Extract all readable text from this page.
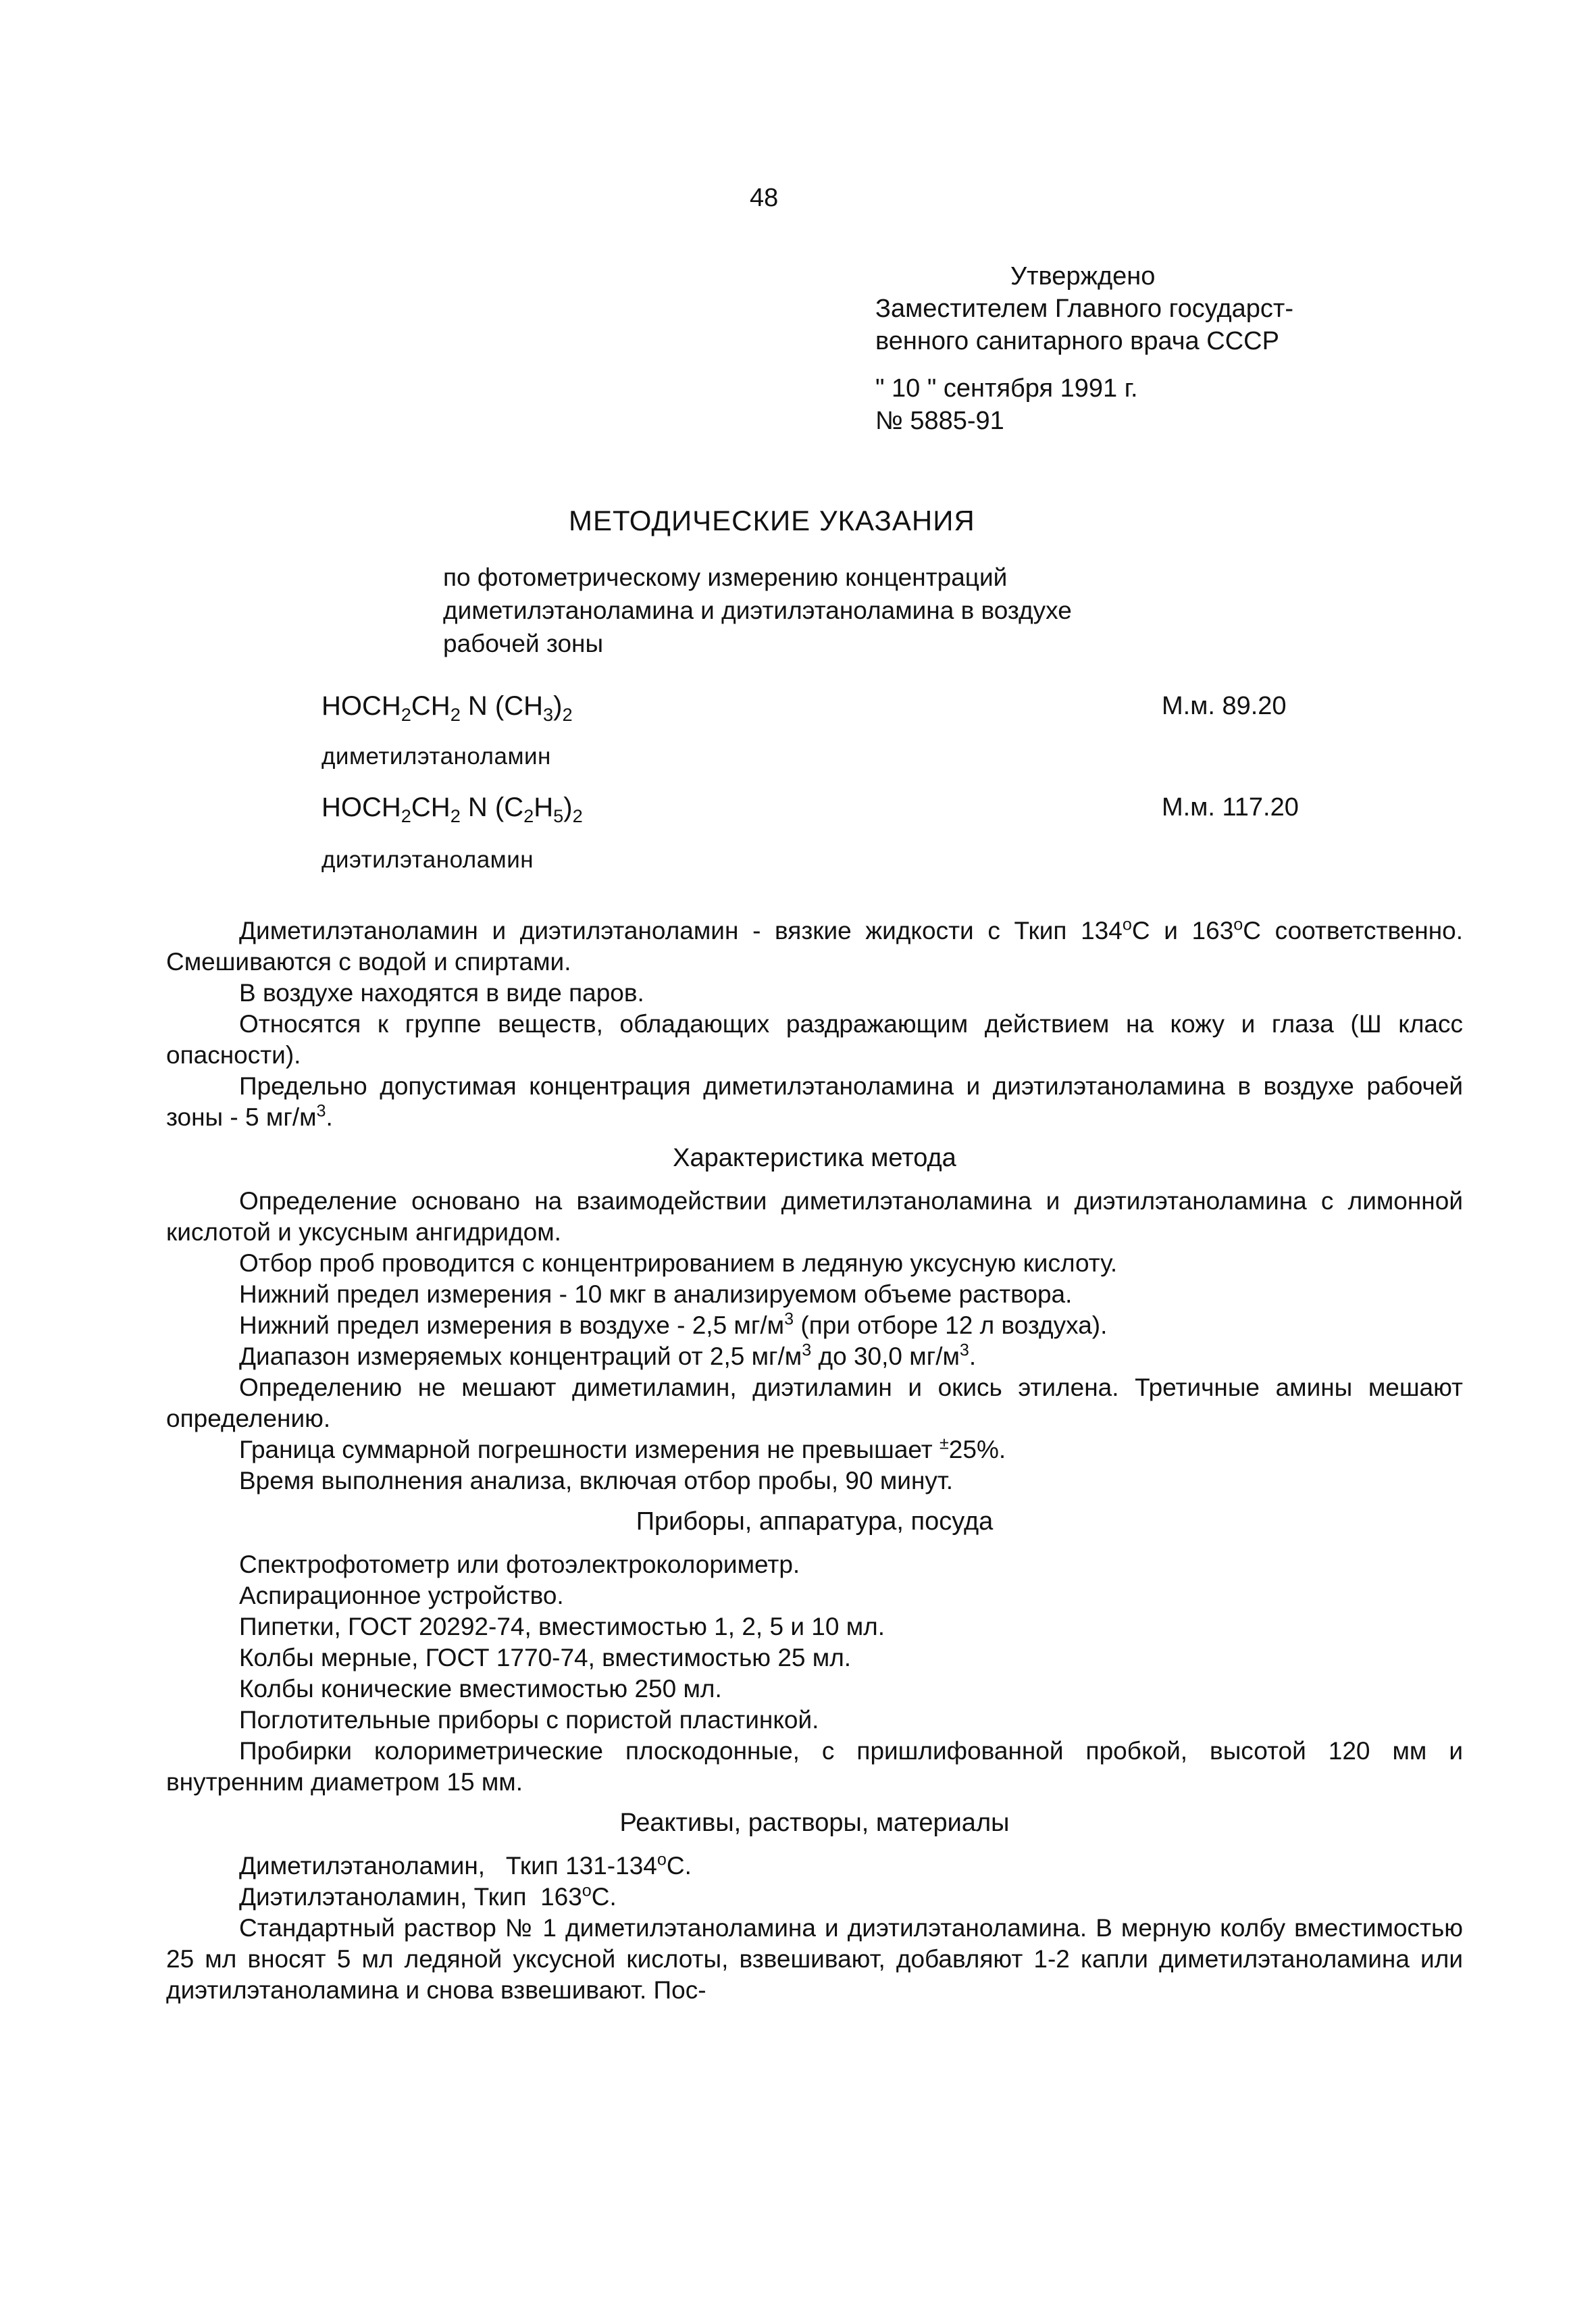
48
Утверждено
Заместителем Главного государст-
венного санитарного врача СССР
" 10 " сентября 1991 г.
№ 5885-91
МЕТОДИЧЕСКИЕ УКАЗАНИЯ
по фотометрическому измерению концентраций
диметилэтаноламина и диэтилэтаноламина в воздухе
рабочей зоны
$HOCH_2CH_2$ N $(CH_3)_2$	М.м. 89.20
диметилэтаноламин
$HOCH_2CH_2$ N $(C_2H_5)_2$	М.м. 117.20
диэтилэтаноламин

Диметилэтаноламин и диэтилэтаноламин - вязкие жидкости с Ткип $134^оС$ и $163^оС$ соответственно. Смешиваются с водой и спиртами.

В воздухе находятся в виде паров.

Относятся к группе веществ, обладающих раздражающим действием на кожу и глаза (Ш класс опасности).

Предельно допустимая концентрация диметилэтаноламина и диэтилэтаноламина в воздухе рабочей зоны - 5 $мг/м^3$.

Характеристика метода

Определение основано на взаимодействии диметилэтаноламина и диэтилэтаноламина с лимонной кислотой и уксусным ангидридом.

Отбор проб проводится с концентрированием в ледяную уксусную кислоту.

Нижний предел измерения - 10 мкг в анализируемом объеме раствора.

Нижний предел измерения в воздухе - 2,5 $мг/м^3$ (при отборе 12 л воздуха).

Диапазон измеряемых концентраций от 2,5 $мг/м^3$ до 30,0 $мг/м^3$.

Определению не мешают диметиламин, диэтиламин и окись этилена. Третичные амины мешают определению.

Граница суммарной погрешности измерения не превышает ±25%.

Время выполнения анализа, включая отбор пробы, 90 минут.

Приборы, аппаратура, посуда

Спектрофотометр или фотоэлектроколориметр.

Аспирационное устройство.

Пипетки, ГОСТ 20292-74, вместимостью 1, 2, 5 и 10 мл.

Колбы мерные, ГОСТ 1770-74, вместимостью 25 мл.

Колбы конические вместимостью 250 мл.

Поглотительные приборы с пористой пластинкой.

Пробирки колориметрические плоскодонные, с пришлифованной пробкой, высотой 120 мм и внутренним диаметром 15 мм.

Реактивы, растворы, материалы

Диметилэтаноламин, Ткип $131-134^оС$.

Диэтилэтаноламин, Ткип  $163^оС$.

Стандартный раствор № 1 диметилэтаноламина и диэтилэтаноламина. В мерную колбу вместимостью 25 мл вносят 5 мл ледяной уксусной кислоты, взвешивают, добавляют 1-2 капли диметилэтаноламина или диэтилэтаноламина и снова взвешивают. Пос-
